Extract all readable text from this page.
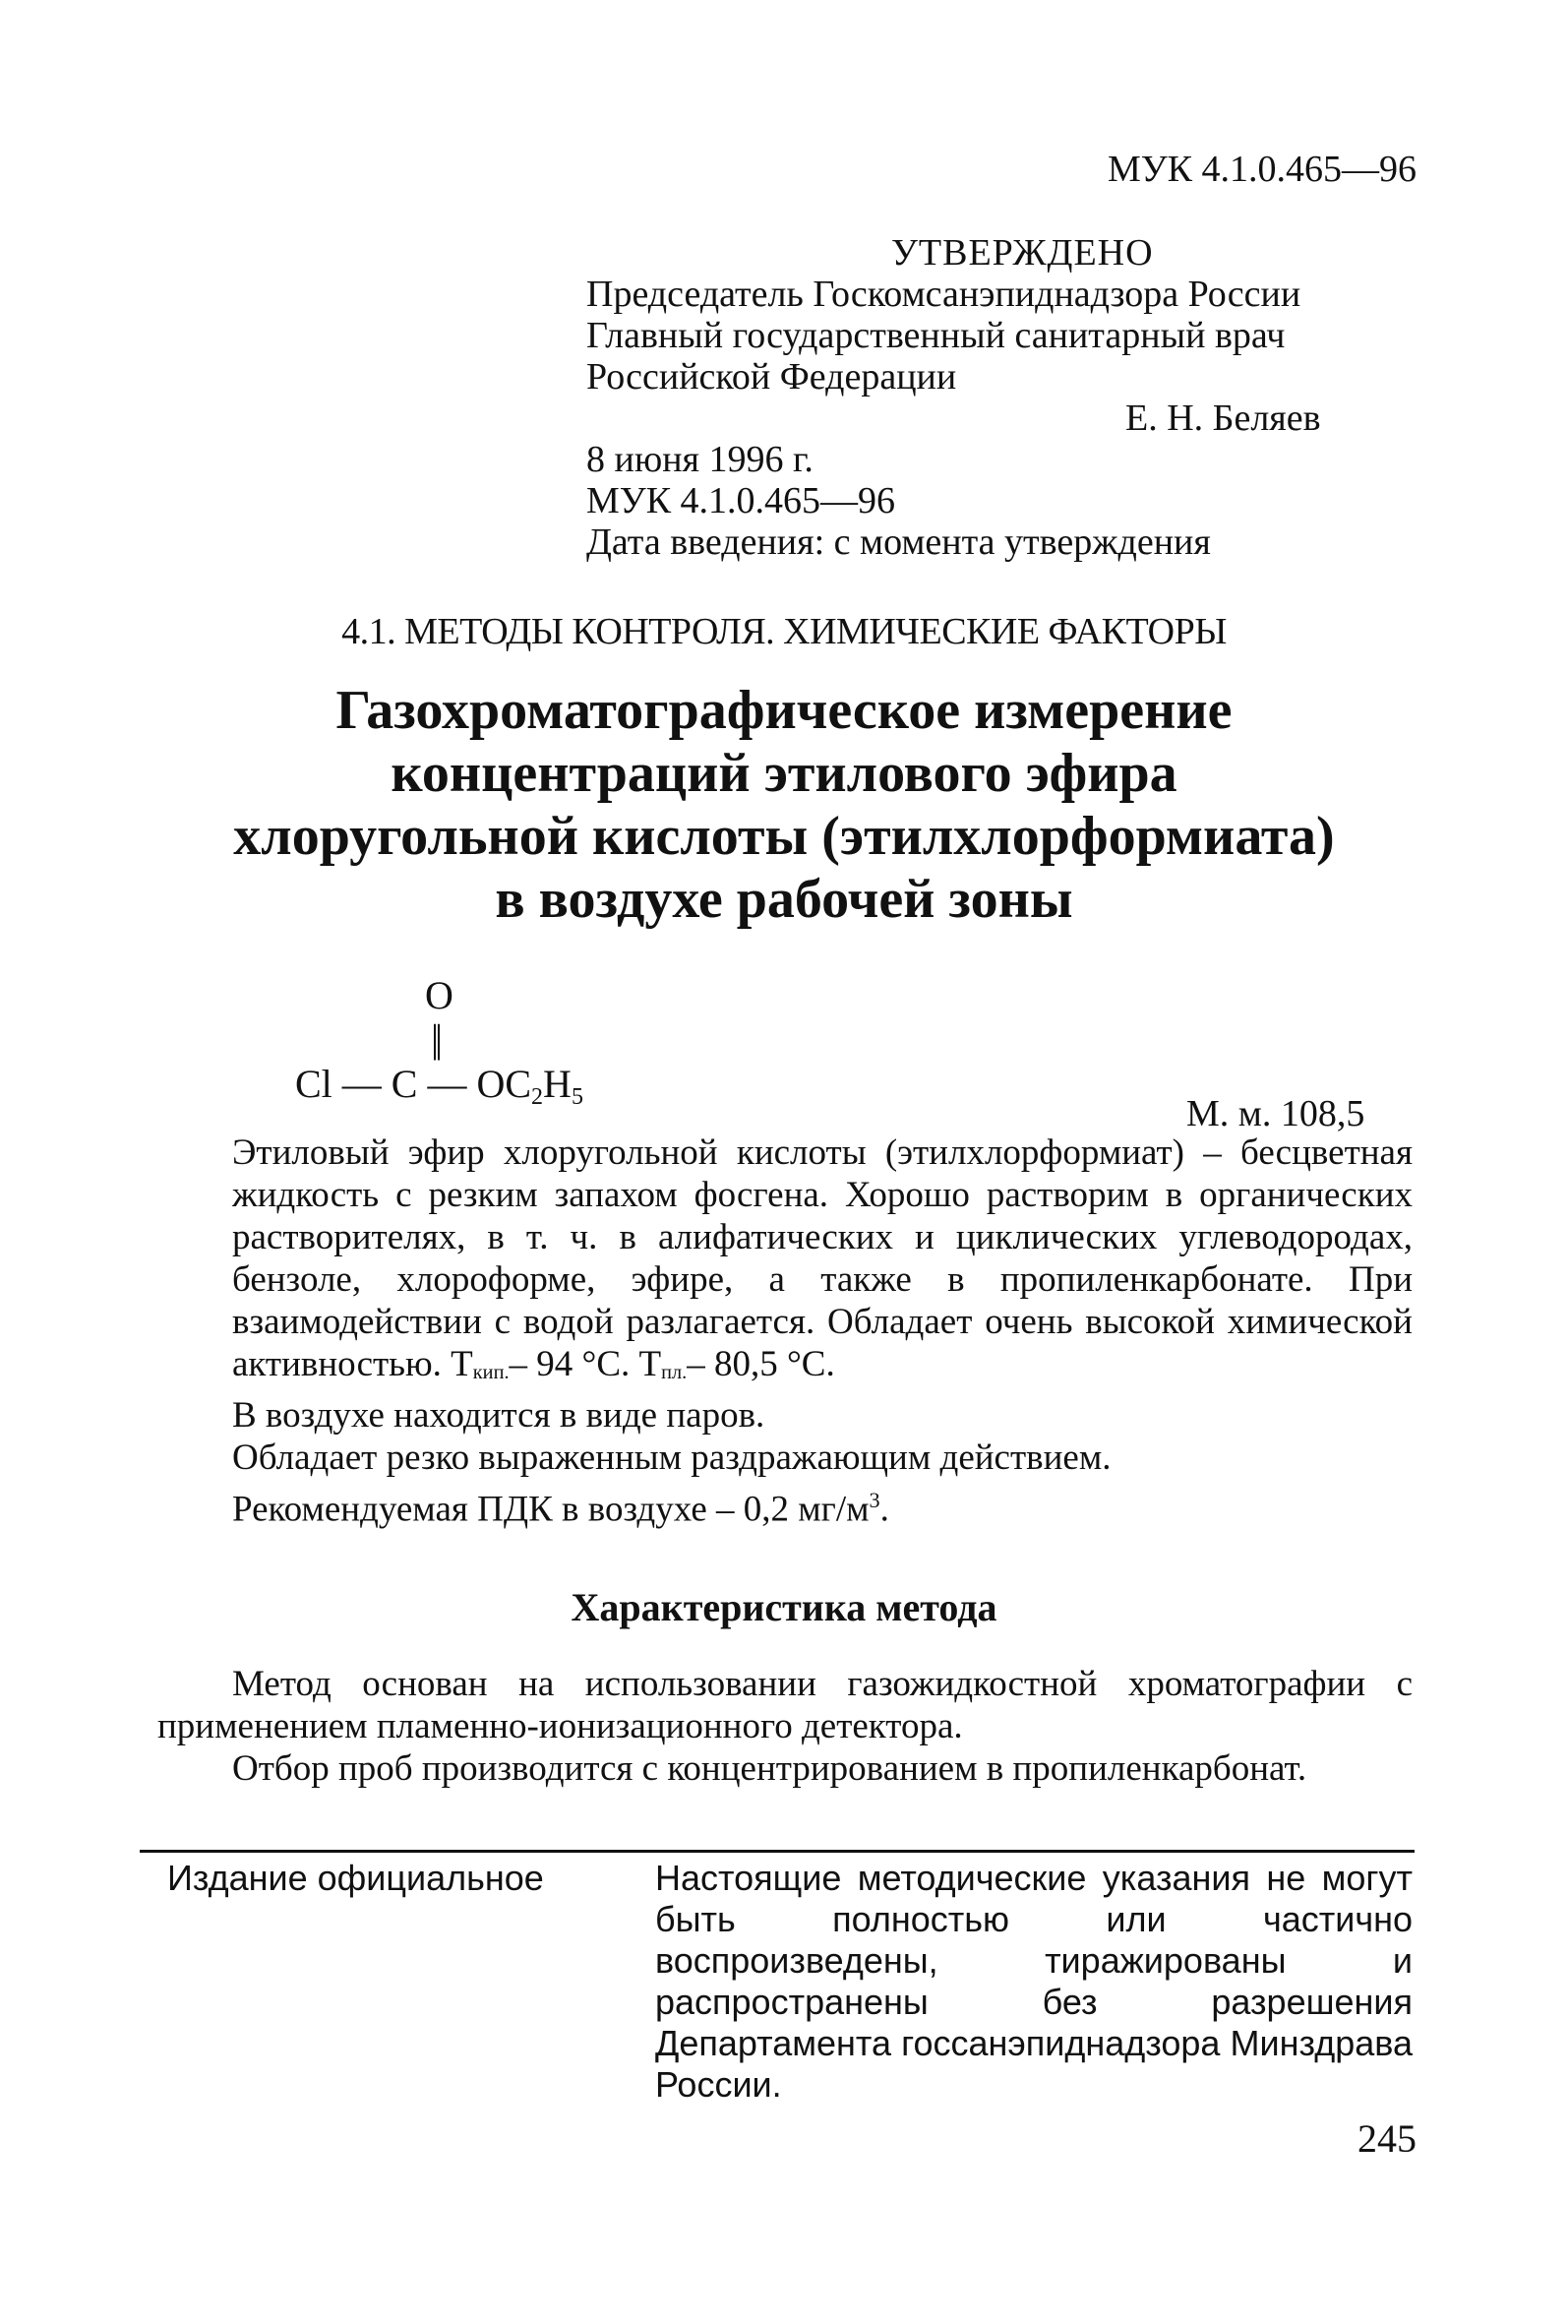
МУК 4.1.0.465—96
УТВЕРЖДЕНО
Председатель Госкомсанэпиднадзора России
Главный государственный санитарный врач
Российской Федерации
Е. Н. Беляев
8 июня 1996 г.
МУК 4.1.0.465—96
Дата введения: с момента утверждения
4.1. МЕТОДЫ КОНТРОЛЯ. ХИМИЧЕСКИЕ ФАКТОРЫ
Газохроматографическое измерение
концентраций этилового эфира
хлоругольной кислоты (этилхлорформиата)
в воздухе рабочей зоны
O
||
Cl — C — $OC_2H_5$	М. м. 108,5
Этиловый эфир хлоругольной кислоты (этилхлорформиат) – бесцветная жидкость с резким запахом фосгена. Хорошо растворим в органических растворителях, в т. ч. в алифатических и циклических углеводородах, бензоле, хлороформе, эфире, а также в пропиленкарбонате. При взаимодействии с водой разлагается. Обладает очень высокой химической активностью. Ткип.– 94 °С. Тпл.– 80,5 °С.
В воздухе находится в виде паров.
Обладает резко выраженным раздражающим действием.
Рекомендуемая ПДК в воздухе – 0,2 $мг/м^3$.
Характеристика метода
Метод основан на использовании газожидкостной хроматографии с применением пламенно-ионизационного детектора.
Отбор проб производится с концентрированием в пропиленкарбонат.
Издание официальное	Настоящие методические указания не могут быть полностью или частично воспроизведены, тиражированы и распространены без разрешения Департамента госсанэпиднадзора Минздрава России.
245
